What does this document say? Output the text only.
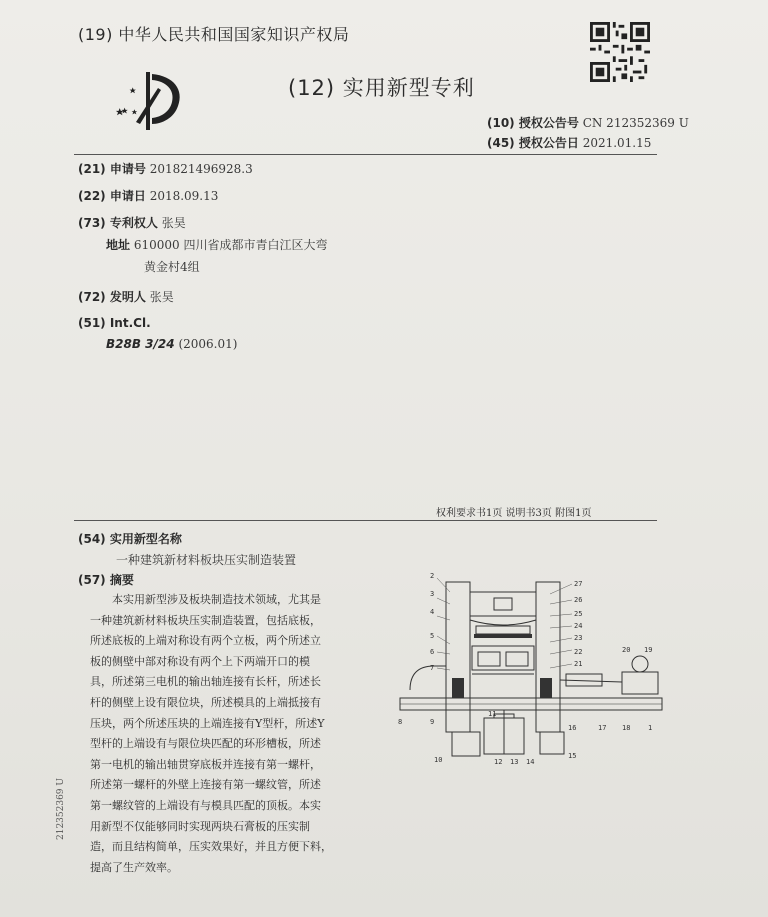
(19) 中华人民共和国国家知识产权局
(12) 实用新型专利
(10) 授权公告号 CN 212352369 U
(45) 授权公告日 2021.01.15
(21) 申请号 201821496928.3
(22) 申请日 2018.09.13
(73) 专利权人 张昊
地址 610000 四川省成都市青白江区大弯
黄金村4组
(72) 发明人 张昊
(51) Int.Cl.
B28B 3/24 (2006.01)
权利要求书1页 说明书3页 附图1页
(54) 实用新型名称
一种建筑新材料板块压实制造装置
(57) 摘要
本实用新型涉及板块制造技术领域，尤其是
一种建筑新材料板块压实制造装置，包括底板，
所述底板的上端对称设有两个立板，两个所述立
板的侧壁中部对称设有两个上下两端开口的模
具，所述第三电机的输出轴连接有长杆，所述长
杆的侧壁上设有限位块，所述模具的上端抵接有
压块，两个所述压块的上端连接有Y型杆，所述Y
型杆的上端设有与限位块匹配的环形槽板，所述
第一电机的输出轴贯穿底板并连接有第一螺杆，
所述第一螺杆的外壁上连接有第一螺纹管，所述
第一螺纹管的上端设有与模具匹配的顶板。本实
用新型不仅能够同时实现两块石膏板的压实制
造，而且结构简单，压实效果好，并且方便下料，
提高了生产效率。
2
3
4
5
6
7
8	9
10
11
12 13 14
15
16	17 18	1
19
20
21
22
23
24
25
26
27
212352369 U
